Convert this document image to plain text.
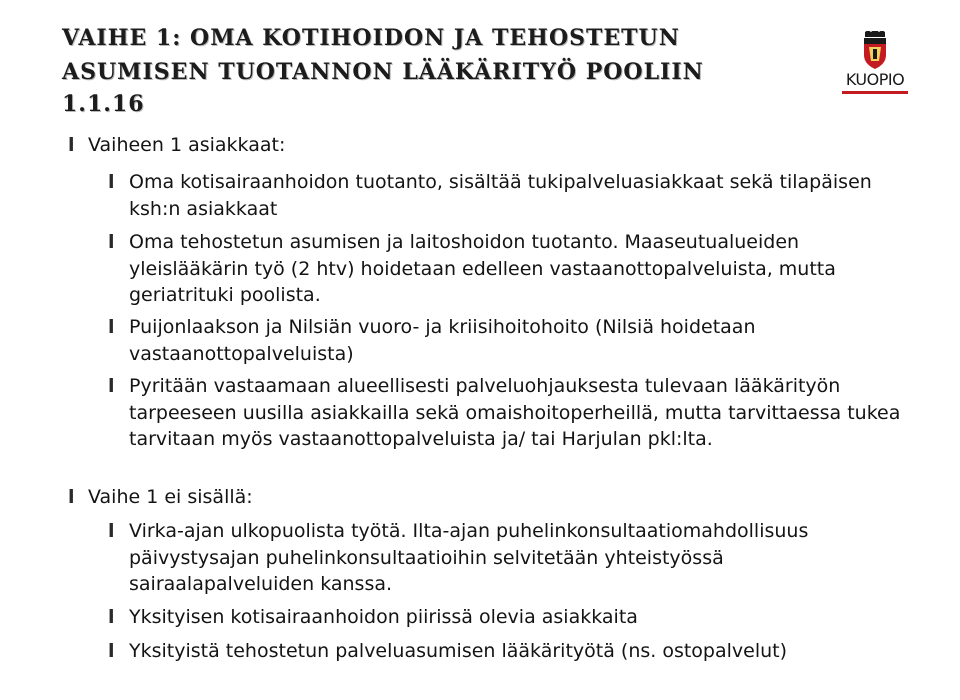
VAIHE 1: OMA KOTIHOIDON JA TEHOSTETUN
ASUMISEN TUOTANNON LÄÄKÄRITYÖ POOLIIN
1.1.16
KUOPIO
l Vaiheen 1 asiakkaat:
l Oma kotisairaanhoidon tuotanto, sisältää tukipalveluasiakkaat sekä tilapäisen ksh:n asiakkaat
l Oma tehostetun asumisen ja laitoshoidon tuotanto. Maaseutualueiden yleislääkärin työ (2 htv) hoidetaan edelleen vastaanottopalveluista, mutta geriatrituki poolista.
l Puijonlaakson ja Nilsiän vuoro- ja kriisihoitohoito (Nilsiä hoidetaan vastaanottopalveluista)
l Pyritään vastaamaan alueellisesti palveluohjauksesta tulevaan lääkärityön tarpeeseen uusilla asiakkailla sekä omaishoitoperheillä, mutta tarvittaessa tukea tarvitaan myös vastaanottopalveluista ja/ tai Harjulan pkl:lta.
l Vaihe 1 ei sisällä:
l Virka-ajan ulkopuolista työtä. Ilta-ajan puhelinkonsultaatiomahdollisuus päivystysajan puhelinkonsultaatioihin selvitetään yhteistyössä sairaalapalveluiden kanssa.
l Yksityisen kotisairaanhoidon piirissä olevia asiakkaita
l Yksityistä tehostetun palveluasumisen lääkärityötä (ns. ostopalvelut)
